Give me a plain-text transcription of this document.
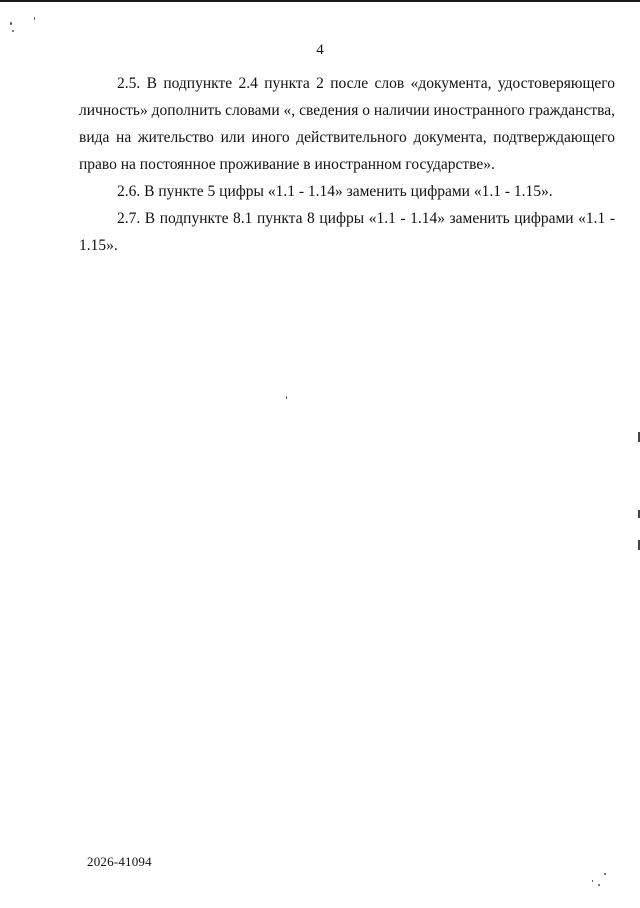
4

2.5. В подпункте 2.4 пункта 2 после слов «документа, удостоверяющего личность» дополнить словами «, сведения о наличии иностранного гражданства, вида на жительство или иного действительного документа, подтверждающего право на постоянное проживание в иностранном государстве».

2.6. В пункте 5 цифры «1.1 - 1.14» заменить цифрами «1.1 - 1.15».

2.7. В подпункте 8.1 пункта 8 цифры «1.1 - 1.14» заменить цифрами «1.1 - 1.15».

2026-41094
